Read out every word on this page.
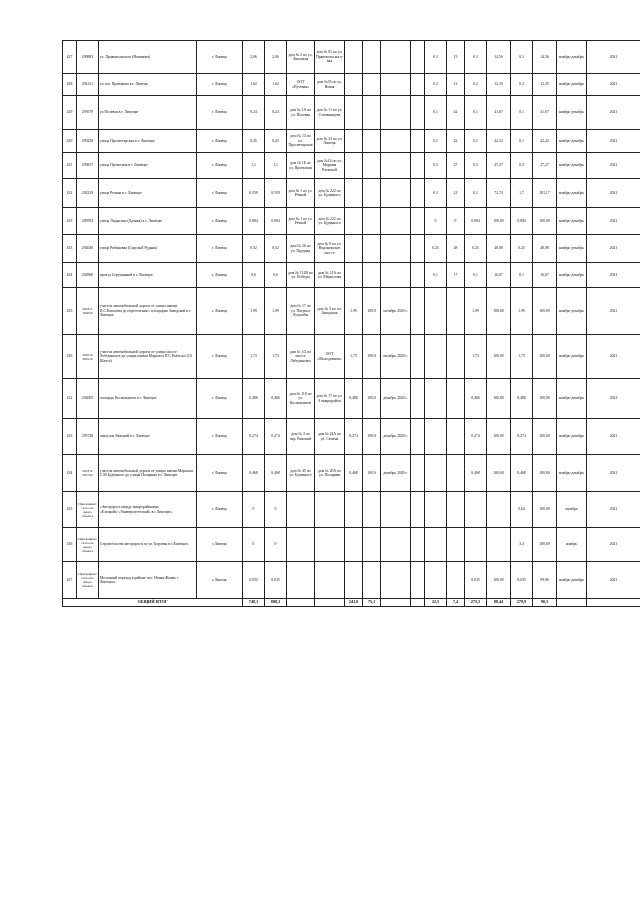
427	290883	ул. Правовольского (Новикова)	г. Липецк	2,06	2,06	дом № 2 по ул. Липецкая	дом № 81 по ул. Правовольского-вая					0,3	15	0,3	14,56	0,3	14,56	ноябрь-декабрь	2021
428	292411	ул. им. Правовова в г. Липецк	г. Липецк	1,62	1,62	ООТ «Путевая»	дом №35 по ул. Новая					0,3	12	0,2	12,35	0,2	12,35	ноябрь-декабрь	2021
429	295679	ул.Полевая в г. Липецке	г. Липецк	0,24	0,24	дом № 1А по ул. Полевая	дом № 11 по ул. Степанищева					0,1	42	0,1	41,67	0,1	41,67	ноябрь-декабрь	2021
430	290250	улица Просветарская в г. Липецке	г. Липецк	0,45	0,45	дом № 14 по ул. Просветарская	дом № 23 по ул. Липецк					0,1	22	0,1	22,22	0,1	22,22	ноябрь-декабрь	2021
431	290817	улица Проектная в г. Липецке	г. Липецк	1,1	1,1	дом № 1Б по ул. Проектная	дом №14 по ул. Марины Расковой					0,3	27	0,3	27,27	0,3	27,27	ноябрь-декабрь	2021
432	292219	улица Речная в г. Липецке	г. Липецк	0,559	0,559	дом № 1 по ул. Речной	дом № 222 по ул. Буденного					0,3	21	0,1	72,74	1,7	181,17	ноябрь-декабрь	2021
433	289592	улица Лидыгина (Дачная) в г. Липецке	г. Липецк	0,884	0,884	дом № 1 по ул. Речной	дом № 222 по ул. Буденного					0	0	0,884	100,00	0,884	100,00	ноябрь-декабрь	2021
433	292040	улица Рябиновая (Сырской Рудник)	г. Липецк	0,52	0,52	дом № 26 по ул. Прудная	дом № 8 по ул. Воронежское шоссе					0,25	48	0,25	48,08	0,25	48,08	ноябрь-декабрь	2021
434	294960	проезд Серединный в г. Липецке	г. Липецк	0,6	0,6	дом № 112В по ул. Победы	дом № 31А по ул. Меркулова					0,1	17	0,1	16,67	0,1	16,67	ноябрь-декабрь	2021
435	292311 304050	участок автомобильной дороги от улицы имени П.С.Ковалева до пересечения с площадью Заводской в г. Липецке	г. Липецк	1,99	1,99	дом № 17 по ул. Патриса Лумумбы	дом № 3 по пл. Заводская	1,99	100,0	октябрь 2020 г.				1,99	100,00	1,99	100,00	ноябрь-декабрь	2021
436	292616 289119	участок автомобильной дороги от улицы шоссе Лебединское до улицы имени Маршала П.С.Рыбалко (10 Шахта)	г. Липецк	1,73	1,73	дом № 1/2 по шоссе Лебединское	ООТ «Молодежная»	1,73	100,0	октябрь 2020 г.				1,73	100,00	1,73	100,00	ноябрь-декабрь	2021
432	294005	площадь Космонавтов в г. Липецке	г. Липецк	0,486	0,486	дом № 110 по ул. Космонавтов	дом № 17 по ул. 9 микрорайон	0,486	100,0	декабрь 2020 г.				0,486	100,00	0,486	100,00	ноябрь-декабрь	2021
433	295748	переулок Ряжский в г. Липецке	г. Липецк	0,274	0,274	дом № 3 по пер. Ряжский	дом № 24А по ул. Семена	0,274	100,0	декабрь 2020 г.				0,274	100,00	0,274	100,00	ноябрь-декабрь	2021
434	291812 295744	участок автомобильной дороги от улицы имени Маршала С.М.Буденного до улицы Полярная в г. Липецке	г. Липецк	0,468	0,468	дом № 45 по ул. Буденного	дом № 20А по ул. Полярная	0,468	100,0	декабрь 2020 г.				0,468	100,00	0,468	100,00	ноябрь-декабрь	2021
435	Присваивается после ввода объекта	«Автодорога между микрорайонами «Елецкий»-«Университетский» в г.Липецке»	г. Липецк	0	0											0,64	100,00	октябрь	2021
436	Присваивается после ввода объекта	Строительство автодороги по ул. Боровая в г.Липецке»	г.Липецк	0	0											3,4	100,00	ноябрь	2021
437	Присваивается после ввода объекта	Молочный переход в районе пос. Новая Жизнь г. Липецка»	г.Липецк	0,035	0,035									0,035	100,00	0,035	99,96	ноябрь-декабрь	2021
ОБЩИЙ ИТОГ				748,1	808,2			243,0	75,1			22,5	7,4	275,5	88,44	278,9	90,5		
